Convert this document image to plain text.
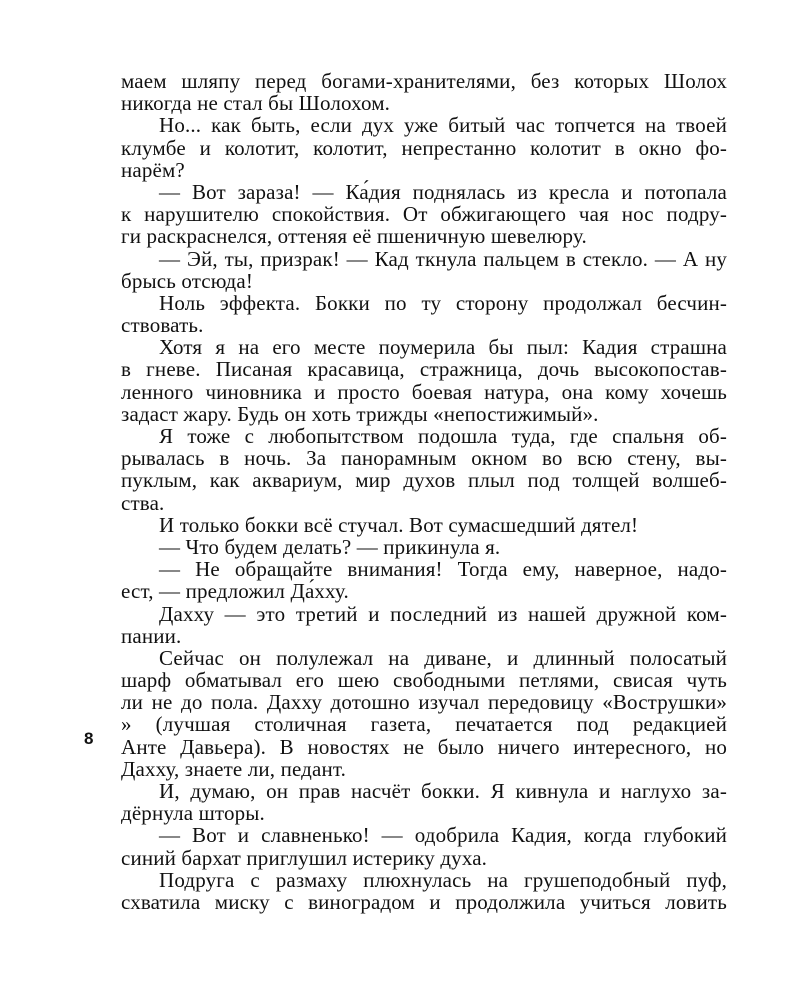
маем шляпу перед богами-хранителями, без которых Шолох
никогда не стал бы Шолохом.
Но... как быть, если дух уже битый час топчется на твоей
клумбе и колотит, колотит, непрестанно колотит в окно фо-
нарём?
— Вот зараза! — Ка́дия поднялась из кресла и потопала
к нарушителю спокойствия. От обжигающего чая нос подру-
ги раскраснелся, оттеняя её пшеничную шевелюру.
— Эй, ты, призрак! — Кад ткнула пальцем в стекло. — А ну
брысь отсюда!
Ноль эффекта. Бокки по ту сторону продолжал бесчин-
ствовать.
Хотя я на его месте поумерила бы пыл: Кадия страшна
в гневе. Писаная красавица, стражница, дочь высокопостав-
ленного чиновника и просто боевая натура, она кому хочешь
задаст жару. Будь он хоть трижды «непостижимый».
Я тоже с любопытством подошла туда, где спальня об-
рывалась в ночь. За панорамным окном во всю стену, вы-
пуклым, как аквариум, мир духов плыл под толщей волшеб-
ства.
И только бокки всё стучал. Вот сумасшедший дятел!
— Что будем делать? — прикинула я.
— Не обращайте внимания! Тогда ему, наверное, надо-
ест, — предложил Да́хху.
Дахху — это третий и последний из нашей дружной ком-
пании.
Сейчас он полулежал на диване, и длинный полосатый
шарф обматывал его шею свободными петлями, свисая чуть
ли не до пола. Дахху дотошно изучал передовицу «Вострушки»
» (лучшая столичная газета, печатается под редакцией
Анте Давьера). В новостях не было ничего интересного, но
Дахху, знаете ли, педант.
И, думаю, он прав насчёт бокки. Я кивнула и наглухо за-
дёрнула шторы.
— Вот и славненько! — одобрила Кадия, когда глубокий
синий бархат приглушил истерику духа.
Подруга с размаху плюхнулась на грушеподобный пуф,
схватила миску с виноградом и продолжила учиться ловить
8
